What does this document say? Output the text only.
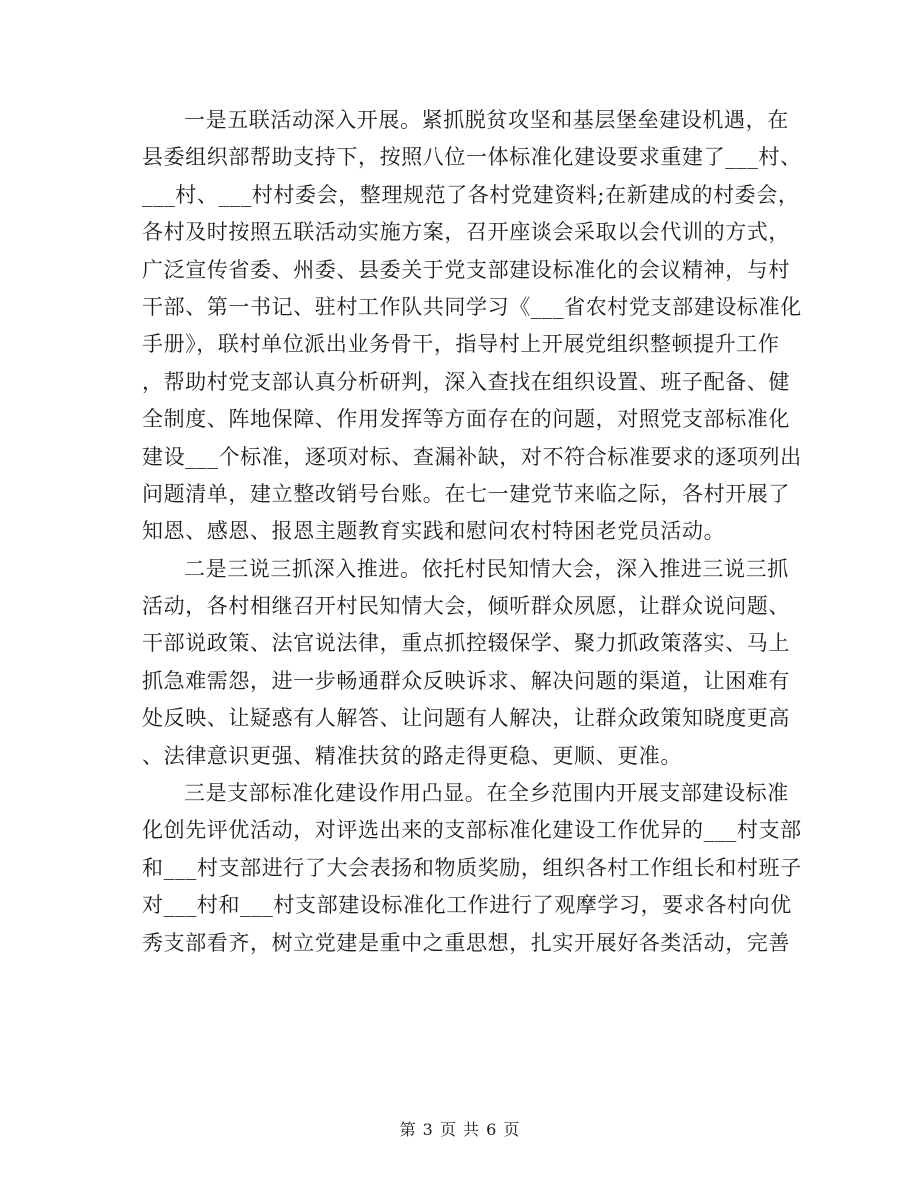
一是五联活动深入开展。紧抓脱贫攻坚和基层堡垒建设机遇，在
县委组织部帮助支持下，按照八位一体标准化建设要求重建了___村、
___村、___村村委会，整理规范了各村党建资料;在新建成的村委会，
各村及时按照五联活动实施方案，召开座谈会采取以会代训的方式，
广泛宣传省委、州委、县委关于党支部建设标准化的会议精神，与村
干部、第一书记、驻村工作队共同学习《___省农村党支部建设标准化
手册》，联村单位派出业务骨干，指导村上开展党组织整顿提升工作
，帮助村党支部认真分析研判，深入查找在组织设置、班子配备、健
全制度、阵地保障、作用发挥等方面存在的问题，对照党支部标准化
建设___个标准，逐项对标、查漏补缺，对不符合标准要求的逐项列出
问题清单，建立整改销号台账。在七一建党节来临之际，各村开展了
知恩、感恩、报恩主题教育实践和慰问农村特困老党员活动。
二是三说三抓深入推进。依托村民知情大会，深入推进三说三抓
活动，各村相继召开村民知情大会，倾听群众夙愿，让群众说问题、
干部说政策、法官说法律，重点抓控辍保学、聚力抓政策落实、马上
抓急难需怨，进一步畅通群众反映诉求、解决问题的渠道，让困难有
处反映、让疑惑有人解答、让问题有人解决，让群众政策知晓度更高
、法律意识更强、精准扶贫的路走得更稳、更顺、更准。
三是支部标准化建设作用凸显。在全乡范围内开展支部建设标准
化创先评优活动，对评选出来的支部标准化建设工作优异的___村支部
和___村支部进行了大会表扬和物质奖励，组织各村工作组长和村班子
对___村和___村支部建设标准化工作进行了观摩学习，要求各村向优
秀支部看齐，树立党建是重中之重思想，扎实开展好各类活动，完善
第 3 页 共 6 页
